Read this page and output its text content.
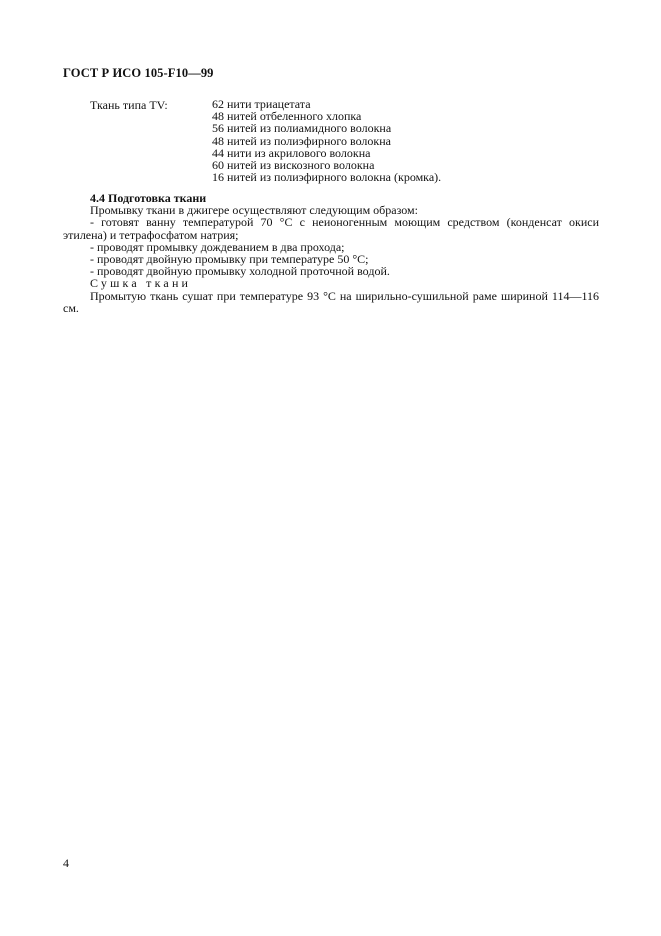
ГОСТ Р ИСО 105-F10—99
Ткань типа TV:	62 нити триацетата
48 нитей отбеленного хлопка
56 нитей из полиамидного волокна
48 нитей из полиэфирного волокна
44 нити из акрилового волокна
60 нитей из вискозного волокна
16 нитей из полиэфирного волокна (кромка).

4.4 Подготовка ткани

Промывку ткани в джигере осуществляют следующим образом:

- готовят ванну температурой 70 °С с неионогенным моющим средством (конденсат окиси этилена) и тетрафосфатом натрия;

- проводят промывку дождеванием в два прохода;

- проводят двойную промывку при температуре 50 °С;

- проводят двойную промывку холодной проточной водой.

Сушка ткани

Промытую ткань сушат при температуре 93 °С на ширильно-сушильной раме шириной 114—116 см.

4
